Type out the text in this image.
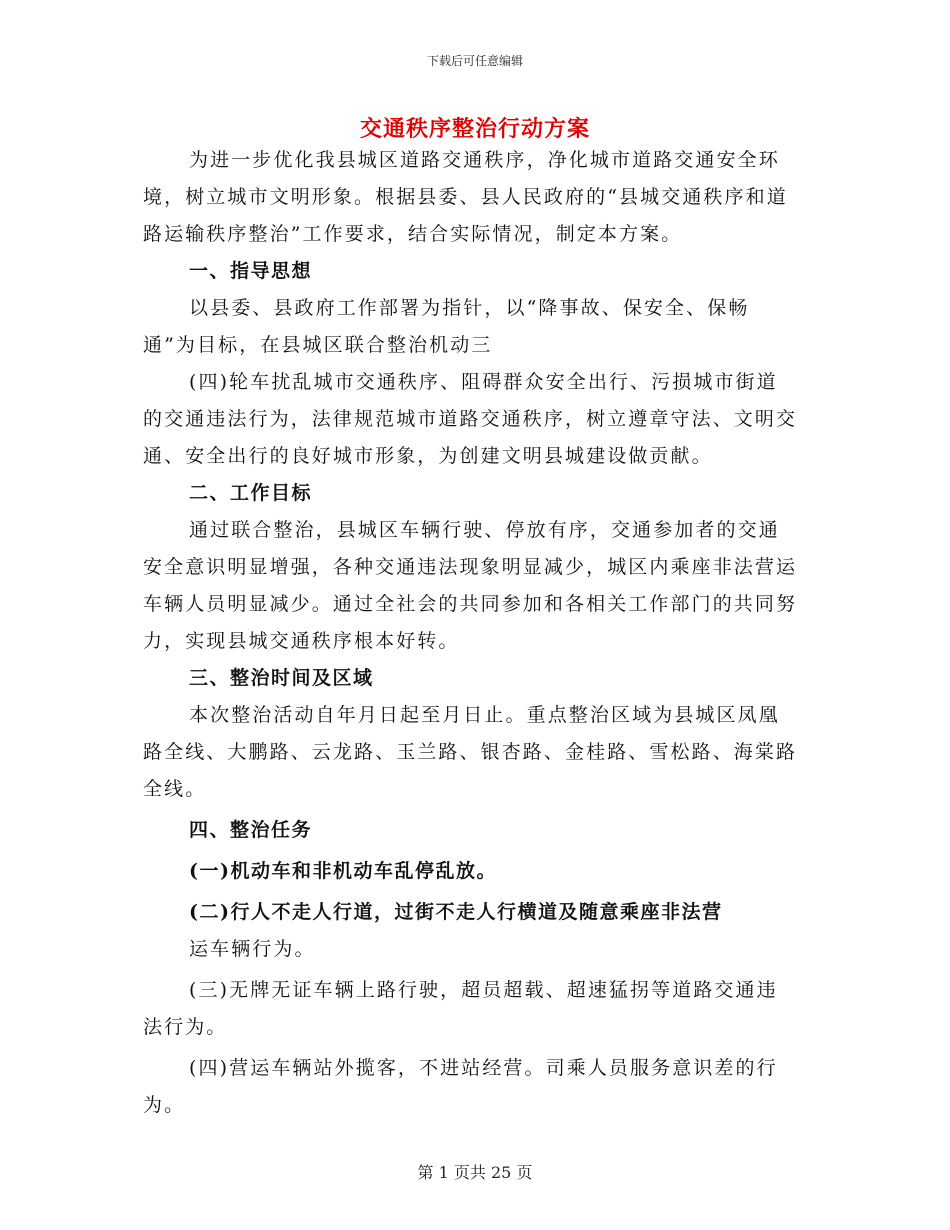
下载后可任意编辑
交通秩序整治行动方案

为进一步优化我县城区道路交通秩序，净化城市道路交通安全环境，树立城市文明形象。根据县委、县人民政府的“县城交通秩序和道路运输秩序整治”工作要求，结合实际情况，制定本方案。

一、指导思想

以县委、县政府工作部署为指针，以“降事故、保安全、保畅通”为目标，在县城区联合整治机动三

(四)轮车扰乱城市交通秩序、阻碍群众安全出行、污损城市街道的交通违法行为，法律规范城市道路交通秩序，树立遵章守法、文明交通、安全出行的良好城市形象，为创建文明县城建设做贡献。

二、工作目标

通过联合整治，县城区车辆行驶、停放有序，交通参加者的交通安全意识明显增强，各种交通违法现象明显减少，城区内乘座非法营运车辆人员明显减少。通过全社会的共同参加和各相关工作部门的共同努力，实现县城交通秩序根本好转。

三、整治时间及区域

本次整治活动自年月日起至月日止。重点整治区域为县城区凤凰路全线、大鹏路、云龙路、玉兰路、银杏路、金桂路、雪松路、海棠路全线。

四、整治任务

(一)机动车和非机动车乱停乱放。

(二)行人不走人行道，过街不走人行横道及随意乘座非法营

运车辆行为。

(三)无牌无证车辆上路行驶，超员超载、超速猛拐等道路交通违法行为。

(四)营运车辆站外揽客，不进站经营。司乘人员服务意识差的行为。

第 1 页共 25 页
